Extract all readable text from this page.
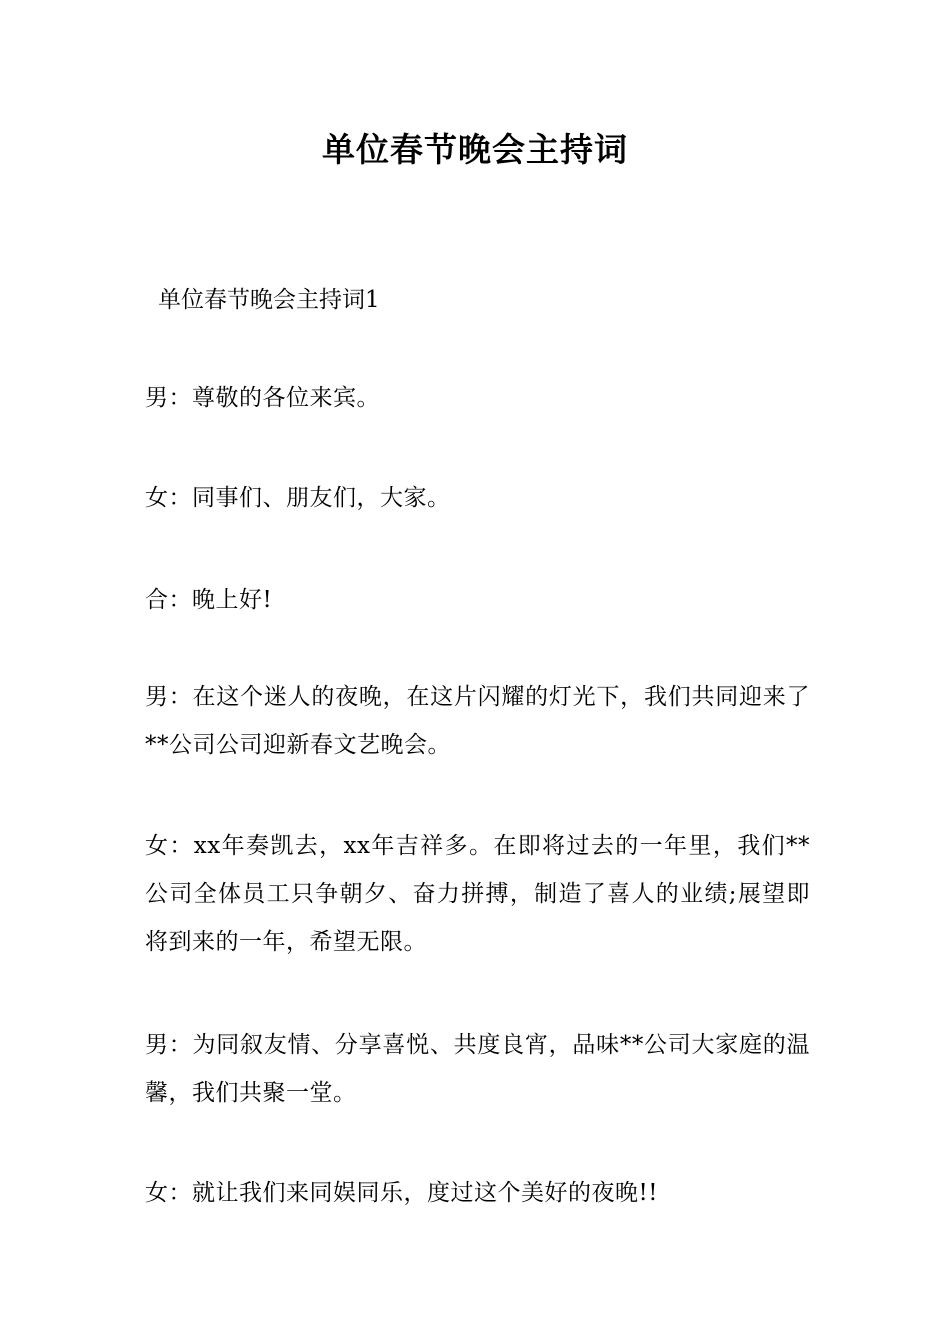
单位春节晚会主持词

单位春节晚会主持词1

男：尊敬的各位来宾。

女：同事们、朋友们，大家。

合：晚上好!

男：在这个迷人的夜晚，在这片闪耀的灯光下，我们共同迎来了**公司公司迎新春文艺晚会。

女：xx年奏凯去，xx年吉祥多。在即将过去的一年里，我们**公司全体员工只争朝夕、奋力拼搏，制造了喜人的业绩;展望即将到来的一年，希望无限。

男：为同叙友情、分享喜悦、共度良宵，品味**公司大家庭的温馨，我们共聚一堂。

女：就让我们来同娱同乐，度过这个美好的夜晚!!
